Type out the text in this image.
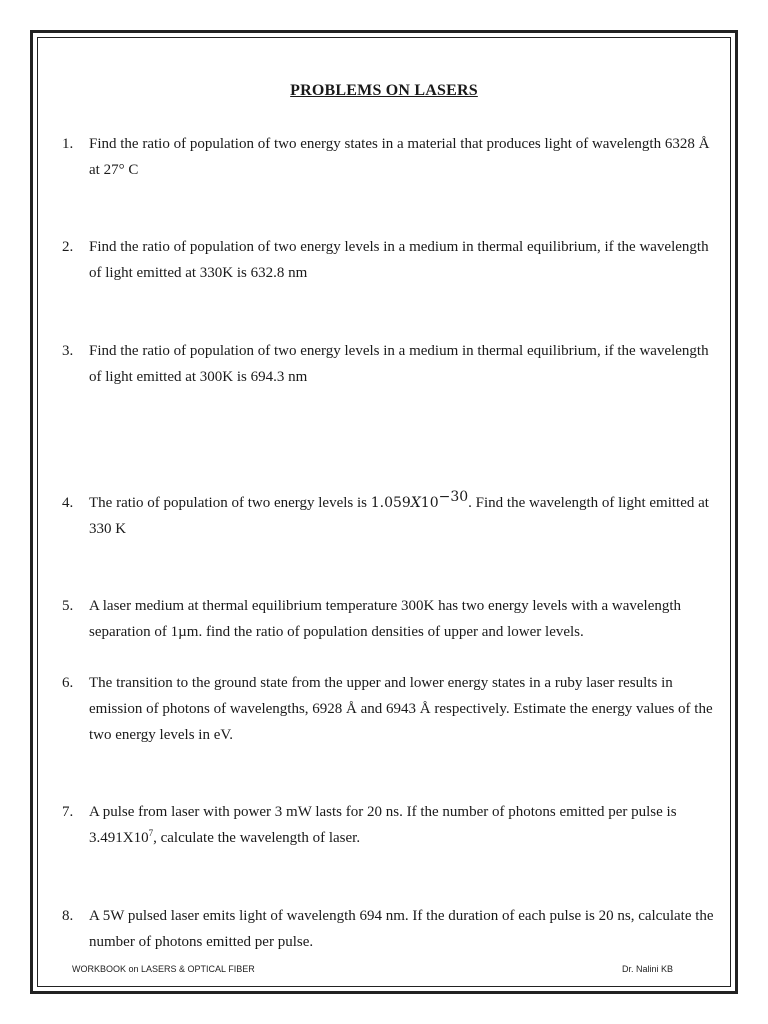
PROBLEMS ON LASERS
1.	Find the ratio of population of two energy states in a material that produces light of wavelength 6328 Å at 27° C
2.	Find the ratio of population of two energy levels in a medium in thermal equilibrium, if the wavelength of light emitted at 330K is 632.8 nm
3.	Find the ratio of population of two energy levels in a medium in thermal equilibrium, if the wavelength of light emitted at 300K is 694.3 nm
4.	The ratio of population of two energy levels is $1.059𝑋10^{-30}$. Find the wavelength of light emitted at 330 K
5.	A laser medium at thermal equilibrium temperature 300K has two energy levels with a wavelength separation of 1µm. find the ratio of population densities of upper and lower levels.
6.	The transition to the ground state from the upper and lower energy states in a ruby laser results in emission of photons of wavelengths, 6928 Å and 6943 Å respectively. Estimate the energy values of the two energy levels in eV.
7.	A pulse from laser with power 3 mW lasts for 20 ns. If the number of photons emitted per pulse is $3.491X10^7$, calculate the wavelength of laser.
8.	A 5W pulsed laser emits light of wavelength 694 nm. If the duration of each pulse is 20 ns, calculate the number of photons emitted per pulse.
WORKBOOK on LASERS & OPTICAL FIBER	Dr. Nalini KB
